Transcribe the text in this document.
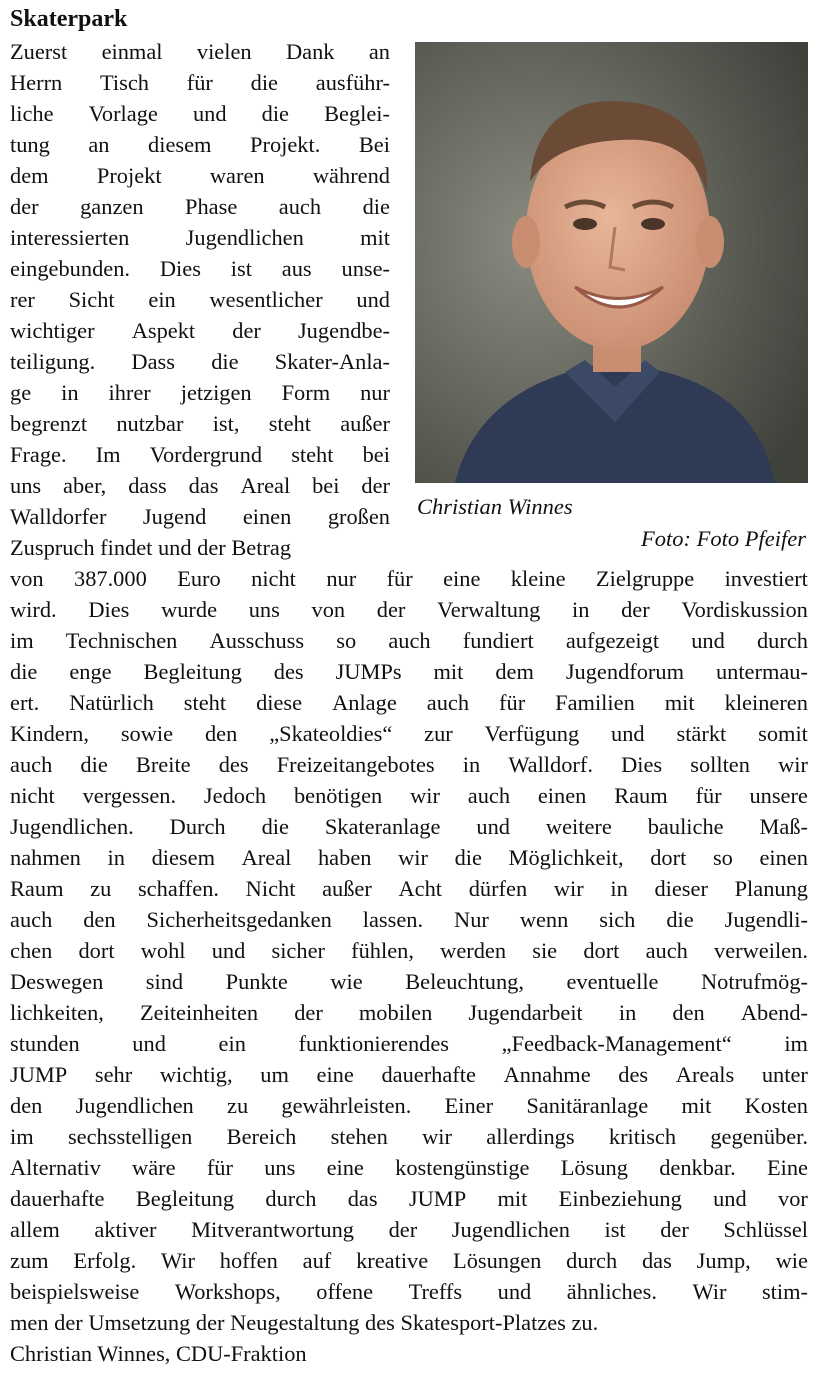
Skaterpark
Zuerst einmal vielen Dank an
Herrn Tisch für die ausführ-
liche Vorlage und die Beglei-
tung an diesem Projekt. Bei
dem Projekt waren während
der ganzen Phase auch die
interessierten	Jugendlichen	mit
eingebunden. Dies ist aus unse-
rer Sicht ein wesentlicher und
wichtiger Aspekt der Jugendbe-
teiligung. Dass die Skater-Anla-
ge in ihrer jetzigen Form nur
begrenzt nutzbar ist, steht außer
Frage. Im Vordergrund steht bei
uns aber, dass das Areal bei der
Walldorfer Jugend einen großen
Zuspruch findet und der Betrag
von 387.000 Euro nicht nur für eine kleine Zielgruppe investiert
wird. Dies wurde uns von der Verwaltung in der Vordiskussion
im Technischen Ausschuss so auch fundiert aufgezeigt und durch
die enge Begleitung des JUMPs mit dem Jugendforum untermau-
ert. Natürlich steht diese Anlage auch für Familien mit kleineren
Kindern, sowie den „Skateoldies“ zur Verfügung und stärkt somit
auch die Breite des Freizeitangebotes in Walldorf. Dies sollten wir
nicht vergessen. Jedoch benötigen wir auch einen Raum für unsere
Jugendlichen. Durch die Skateranlage und weitere bauliche Maß-
nahmen in diesem Areal haben wir die Möglichkeit, dort so einen
Raum zu schaffen. Nicht außer Acht dürfen wir in dieser Planung
auch den Sicherheitsgedanken lassen. Nur wenn sich die Jugendli-
chen dort wohl und sicher fühlen, werden sie dort auch verweilen.
Deswegen sind Punkte wie Beleuchtung, eventuelle Notrufmög-
lichkeiten, Zeiteinheiten der mobilen Jugendarbeit in den Abend-
stunden und ein funktionierendes „Feedback-Management“ im
JUMP sehr wichtig, um eine dauerhafte Annahme des Areals unter
den Jugendlichen zu gewährleisten. Einer Sanitäranlage mit Kosten
im sechsstelligen Bereich stehen wir allerdings kritisch gegenüber.
Alternativ wäre für uns eine kostengünstige Lösung denkbar. Eine
dauerhafte Begleitung durch das JUMP mit Einbeziehung und vor
allem aktiver Mitverantwortung der Jugendlichen ist der Schlüssel
zum Erfolg. Wir hoffen auf kreative Lösungen durch das Jump, wie
beispielsweise Workshops, offene Treffs und ähnliches. Wir stim-
men der Umsetzung der Neugestaltung des Skatesport-Platzes zu.
Christian Winnes, CDU-Fraktion
Christian Winnes
Foto: Foto Pfeifer
